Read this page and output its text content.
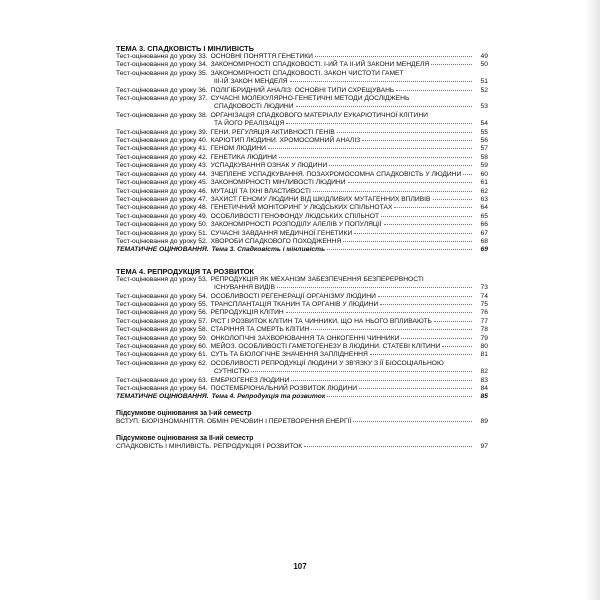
ТЕМА 3. СПАДКОВІСТЬ І МІНЛИВІСТЬ
Тест-оцінювання до уроку 33. ОСНОВНІ ПОНЯТТЯ ГЕНЕТИКИ	49
Тест-оцінювання до уроку 34. ЗАКОНОМІРНОСТІ СПАДКОВОСТІ. І-ИЙ ТА ІІ-ИЙ ЗАКОНИ МЕНДЕЛЯ	50
Тест-оцінювання до уроку 35. ЗАКОНОМІРНОСТІ СПАДКОВОСТІ. ЗАКОН ЧИСТОТИ ГАМЕТ
ІІІ-ІЙ ЗАКОН МЕНДЕЛЯ	51
Тест-оцінювання до уроку 36. ПОЛІГІБРИДНИЙ АНАЛІЗ: ОСНОВНІ ТИПИ СХРЕЩУВАНЬ	52
Тест-оцінювання до уроку 37. СУЧАСНІ МОЛЕКУЛЯРНО-ГЕНЕТИЧНІ МЕТОДИ ДОСЛІДЖЕНЬ
СПАДКОВОСТІ ЛЮДИНИ	53
Тест-оцінювання до уроку 38. ОРГАНІЗАЦІЯ СПАДКОВОГО МАТЕРІАЛУ ЕУКАРІОТИЧНОЇ КЛІТИНИ
ТА ЙОГО РЕАЛІЗАЦІЯ	54
Тест-оцінювання до уроку 39. ГЕНИ. РЕГУЛЯЦІЯ АКТИВНОСТІ ГЕНІВ	55
Тест-оцінювання до уроку 40. КАРІОТИП ЛЮДИНИ. ХРОМОСОМНИЙ АНАЛІЗ	56
Тест-оцінювання до уроку 41. ГЕНОМ ЛЮДИНИ	57
Тест-оцінювання до уроку 42. ГЕНЕТИКА ЛЮДИНИ	58
Тест-оцінювання до уроку 43. УСПАДКУВАННЯ ОЗНАК У ЛЮДИНИ	59
Тест-оцінювання до уроку 44. ЗЧЕПЛЕНЕ УСПАДКУВАННЯ. ПОЗАХРОМОСОМНА СПАДКОВІСТЬ У ЛЮДИНИ	60
Тест-оцінювання до уроку 45. ЗАКОНОМІРНОСТІ МІНЛИВОСТІ ЛЮДИНИ	61
Тест-оцінювання до уроку 46. МУТАЦІЇ ТА ЇХНІ ВЛАСТИВОСТІ	62
Тест-оцінювання до уроку 47. ЗАХИСТ ГЕНОМУ ЛЮДИНИ ВІД ШКІДЛИВИХ МУТАГЕННИХ ВПЛИВІВ	63
Тест-оцінювання до уроку 48. ГЕНЕТИЧНИЙ МОНІТОРИНГ У ЛЮДСЬКИХ СПІЛЬНОТАХ	64
Тест-оцінювання до уроку 49. ОСОБЛИВОСТІ ГЕНОФОНДУ ЛЮДСЬКИХ СПІЛЬНОТ	65
Тест-оцінювання до уроку 50. ЗАКОНОМІРНОСТІ РОЗПОДІЛУ АЛЕЛІВ У ПОПУЛЯЦІЇ	66
Тест-оцінювання до уроку 51. СУЧАСНІ ЗАВДАННЯ МЕДИЧНОЇ ГЕНЕТИКИ	67
Тест-оцінювання до уроку 52. ХВОРОБИ СПАДКОВОГО ПОХОДЖЕННЯ	68
ТЕМАТИЧНЕ ОЦІНЮВАННЯ. Тема 3. Спадковість і мінливість	69
ТЕМА 4. РЕПРОДУКЦІЯ ТА РОЗВИТОК
Тест-оцінювання до уроку 53. РЕПРОДУКЦІЯ ЯК МЕХАНІЗМ ЗАБЕЗПЕЧЕННЯ БЕЗПЕРЕРВНОСТІ
ІСНУВАННЯ ВИДІВ	73
Тест-оцінювання до уроку 54. ОСОБЛИВОСТІ РЕГЕНЕРАЦІЇ ОРГАНІЗМУ ЛЮДИНИ	74
Тест-оцінювання до уроку 55. ТРАНСПЛАНТАЦІЯ ТКАНИН ТА ОРГАНІВ У ЛЮДИНИ	75
Тест-оцінювання до уроку 56. РЕПРОДУКЦІЯ КЛІТИН	76
Тест-оцінювання до уроку 57. РІСТ І РОЗВИТОК КЛІТИН ТА ЧИННИКИ, ЩО НА НЬОГО ВПЛИВАЮТЬ	77
Тест-оцінювання до уроку 58. СТАРІННЯ ТА СМЕРТЬ КЛІТИН	78
Тест-оцінювання до уроку 59. ОНКОЛОГІЧНІ ЗАХВОРЮВАННЯ ТА ОНКОГЕННІ ЧИННИКИ	79
Тест-оцінювання до уроку 60. МЕЙОЗ. ОСОБЛИВОСТІ ГАМЕТОГЕНЕЗУ В ЛЮДИНИ. СТАТЕВІ КЛІТИНИ	80
Тест-оцінювання до уроку 61. СУТЬ ТА БІОЛОГІЧНЕ ЗНАЧЕННЯ ЗАПЛІДНЕННЯ	81
Тест-оцінювання до уроку 62. ОСОБЛИВОСТІ РЕПРОДУКЦІЇ ЛЮДИНИ У ЗВ'ЯЗКУ З ЇЇ БІОСОЦІАЛЬНОЮ
СУТНІСТЮ	82
Тест-оцінювання до уроку 63. ЕМБРІОГЕНЕЗ ЛЮДИНИ	83
Тест-оцінювання до уроку 64. ПОСТЕМБРІОНАЛЬНИЙ РОЗВИТОК ЛЮДИНИ	84
ТЕМАТИЧНЕ ОЦІНЮВАННЯ. Тема 4. Репродукція та розвиток	85
Підсумкове оцінювання за І-ий семестр
ВСТУП. БІОРІЗНОМАНІТТЯ. ОБМІН РЕЧОВИН І ПЕРЕТВОРЕННЯ ЕНЕРГІЇ	89
Підсумкове оцінювання за ІІ-ий семестр
СПАДКОВІСТЬ І МІНЛИВІСТЬ. РЕПРОДУКЦІЯ І РОЗВИТОК	97
107
